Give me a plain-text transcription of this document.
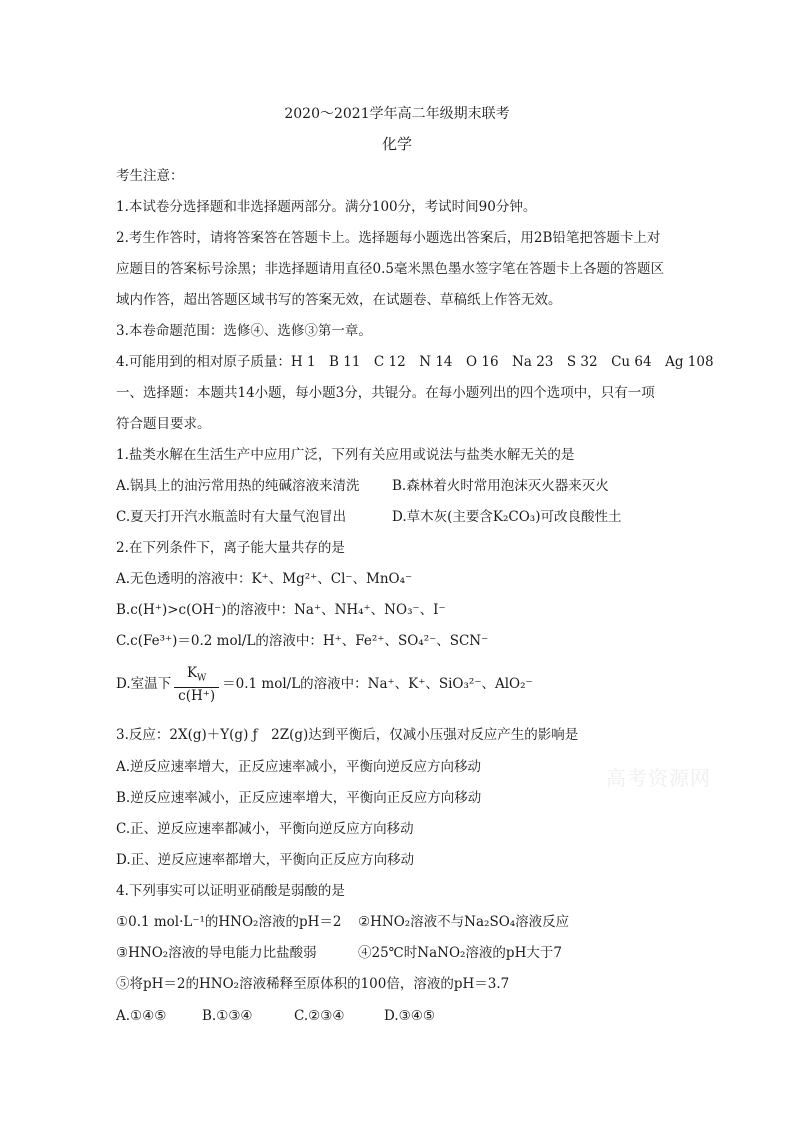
2020～2021学年高二年级期末联考
化学
考生注意：
1.本试卷分选择题和非选择题两部分。满分100分，考试时间90分钟。
2.考生作答时，请将答案答在答题卡上。选择题每小题选出答案后，用2B铅笔把答题卡上对
应题目的答案标号涂黑；非选择题请用直径0.5毫米黑色墨水签字笔在答题卡上各题的答题区
域内作答，超出答题区域书写的答案无效，在试题卷、草稿纸上作答无效。
3.本卷命题范围：选修④、选修③第一章。
4.可能用到的相对原子质量：H 1　B 11　C 12　N 14　O 16　Na 23　S 32　Cu 64　Ag 108
一、选择题：本题共14小题，每小题3分，共锟分。在每小题列出的四个选项中，只有一项
符合题目要求。
1.盐类水解在生活生产中应用广泛，下列有关应用或说法与盐类水解无关的是
A.锅具上的油污常用热的纯碱溶液来清洗 B.森林着火时常用泡沫灭火器来灭火
C.夏天打开汽水瓶盖时有大量气泡冒出	D.草木灰(主要含K₂CO₃)可改良酸性土
2.在下列条件下，离子能大量共存的是
A.无色透明的溶液中：K⁺、Mg²⁺、Cl⁻、MnO₄⁻
B.c(H⁺)>c(OH⁻)的溶液中：Na⁺、NH₄⁺、NO₃⁻、I⁻
C.c(Fe³⁺)＝0.2 mol/L的溶液中：H⁺、Fe²⁺、SO₄²⁻、SCN⁻
D.室温下 $\frac{K_W}{c(H^+)} =0.1$ mol/L的溶液中：Na⁺、K⁺、SiO₃²⁻、AlO₂⁻
3.反应：2X(g)＋Y(g) ƒ　2Z(g)达到平衡后，仅减小压强对反应产生的影响是
A.逆反应速率增大，正反应速率减小，平衡向逆反应方向移动
B.逆反应速率减小，正反应速率增大，平衡向正反应方向移动
C.正、逆反应速率都减小，平衡向逆反应方向移动
D.正、逆反应速率都增大，平衡向正反应方向移动
4.下列事实可以证明亚硝酸是弱酸的是
①0.1 mol·L⁻¹的HNO₂溶液的pH＝2 ②HNO₂溶液不与Na₂SO₄溶液反应
③HNO₂溶液的导电能力比盐酸弱	④25℃时NaNO₂溶液的pH大于7
⑤将pH＝2的HNO₂溶液稀释至原体积的100倍，溶液的pH＝3.7
A.①④⑤	B.①③④	C.②③④	D.③④⑤
高考资源网
